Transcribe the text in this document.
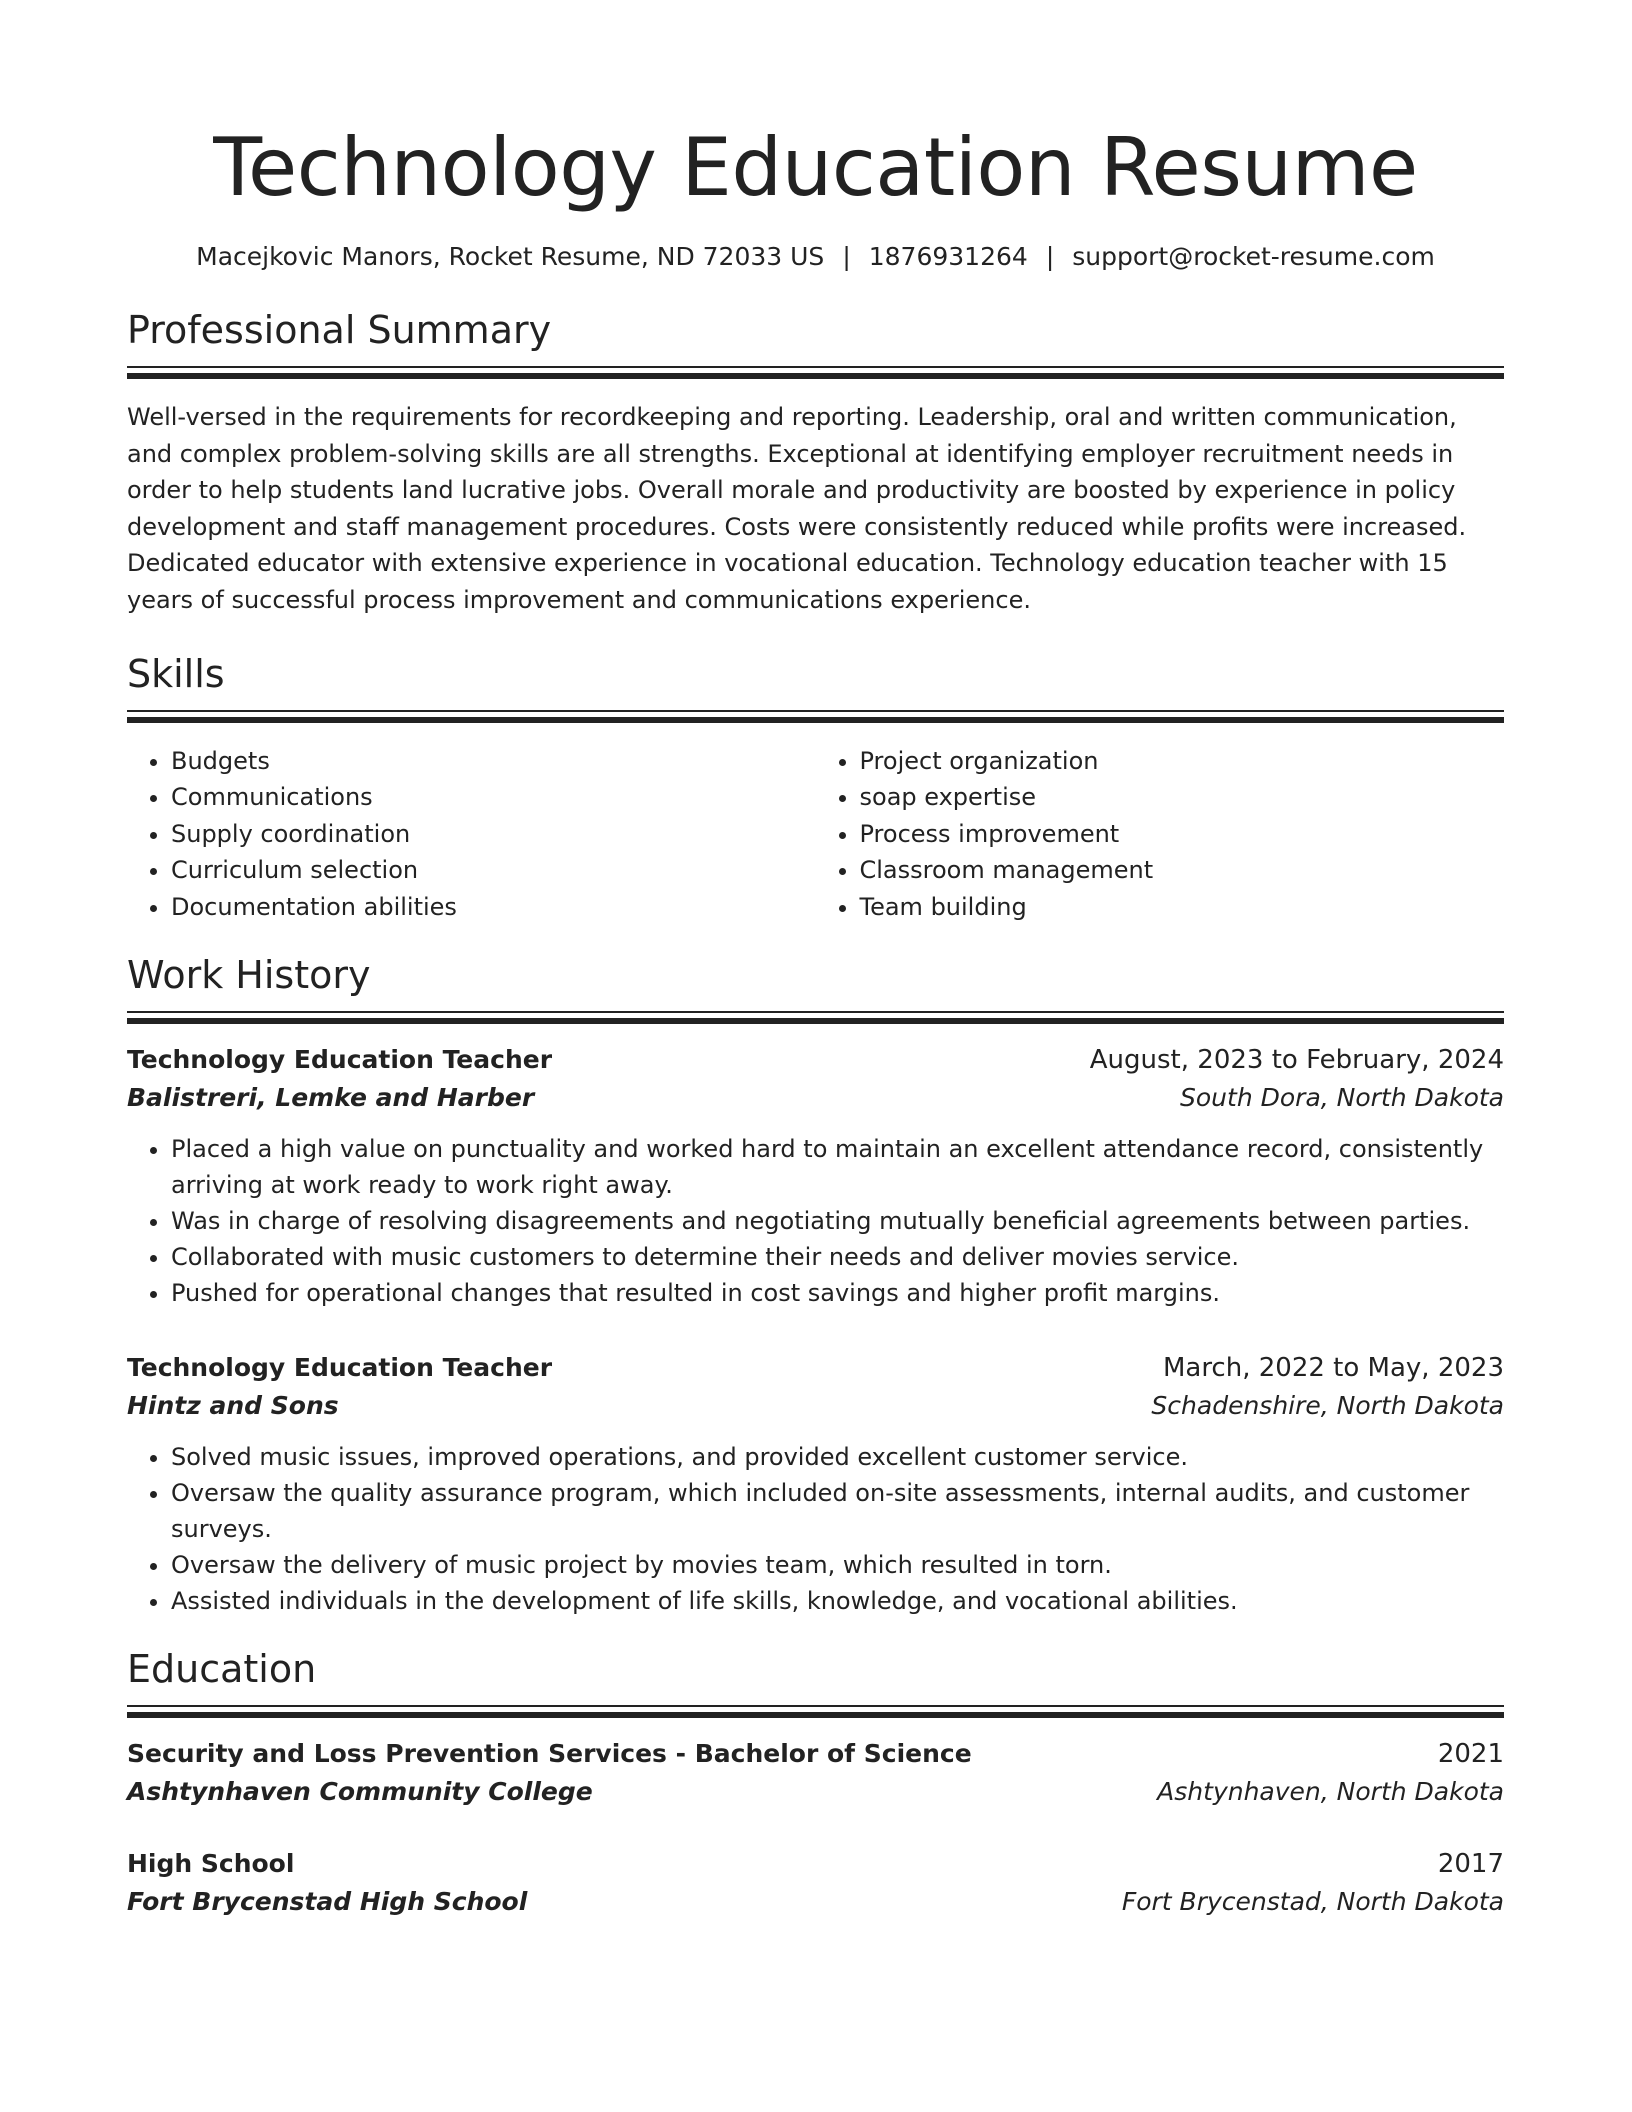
Technology Education Resume
Macejkovic Manors, Rocket Resume, ND 72033 US | 1876931264 | support@rocket-resume.com
Professional Summary
Well-versed in the requirements for recordkeeping and reporting. Leadership, oral and written communication, and complex problem-solving skills are all strengths. Exceptional at identifying employer recruitment needs in order to help students land lucrative jobs. Overall morale and productivity are boosted by experience in policy development and staff management procedures. Costs were consistently reduced while profits were increased. Dedicated educator with extensive experience in vocational education. Technology education teacher with 15 years of successful process improvement and communications experience.
Skills
• Budgets
• Communications
• Supply coordination
• Curriculum selection
• Documentation abilities
• Project organization
• soap expertise
• Process improvement
• Classroom management
• Team building
Work History
Technology Education Teacher	August, 2023 to February, 2024
Balistreri, Lemke and Harber	South Dora, North Dakota
• Placed a high value on punctuality and worked hard to maintain an excellent attendance record, consistently arriving at work ready to work right away.
• Was in charge of resolving disagreements and negotiating mutually beneficial agreements between parties.
• Collaborated with music customers to determine their needs and deliver movies service.
• Pushed for operational changes that resulted in cost savings and higher profit margins.
Technology Education Teacher	March, 2022 to May, 2023
Hintz and Sons	Schadenshire, North Dakota
• Solved music issues, improved operations, and provided excellent customer service.
• Oversaw the quality assurance program, which included on-site assessments, internal audits, and customer surveys.
• Oversaw the delivery of music project by movies team, which resulted in torn.
• Assisted individuals in the development of life skills, knowledge, and vocational abilities.
Education
Security and Loss Prevention Services - Bachelor of Science	2021
Ashtynhaven Community College	Ashtynhaven, North Dakota
High School	2017
Fort Brycenstad High School	Fort Brycenstad, North Dakota
